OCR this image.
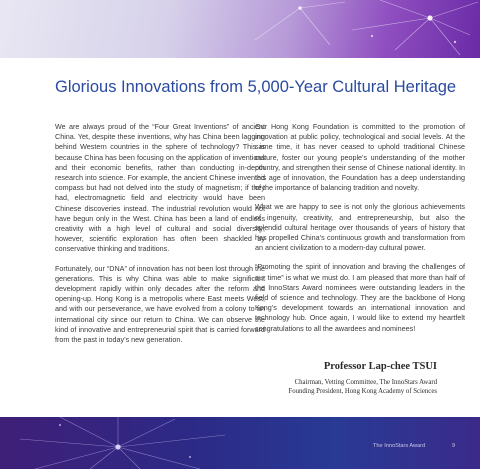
Glorious Innovations from 5,000-Year Cultural Heritage

We are always proud of the “Four Great Inventions” of ancient China. Yet, despite these inventions, why has China been lagging behind Western countries in the sphere of technology? This is because China has been focusing on the application of inventions and their economic benefits, rather than conducting in-depth research into science. For example, the ancient Chinese invented compass but had not delved into the study of magnetism; if they had, electromagnetic field and electricity would have been Chinese discoveries instead. The industrial revolution would not have begun only in the West. China has been a land of endless creativity with a high level of cultural and social diversity; however, scientific exploration has often been shackled by conservative thinking and traditions.

Fortunately, our “DNA” of innovation has not been lost through the generations. This is why China was able to make significant development rapidly within only decades after the reform and opening-up. Hong Kong is a metropolis where East meets West, and with our perseverance, we have evolved from a colony to an international city since our return to China. We can observe the kind of innovative and entrepreneurial spirit that is carried forward from the past in today’s new generation.

Our Hong Kong Foundation is committed to the promotion of innovation at public policy, technological and social levels. At the same time, it has never ceased to uphold traditional Chinese culture, foster our young people’s understanding of the mother country, and strengthen their sense of Chinese national identity. In this age of innovation, the Foundation has a deep understanding of the importance of balancing tradition and novelty.

What we are happy to see is not only the glorious achievements of ingenuity, creativity, and entrepreneurship, but also the splendid cultural heritage over thousands of years of history that has propelled China’s continuous growth and transformation from an ancient civilization to a modern-day cultural power.

“Promoting the spirit of innovation and braving the challenges of our time” is what we must do. I am pleased that more than half of the InnoStars Award nominees were outstanding leaders in the field of science and technology. They are the backbone of Hong Kong’s development towards an international innovation and technology hub. Once again, I would like to extend my heartfelt congratulations to all the awardees and nominees!

Professor Lap-chee TSUI
Chairman, Vetting Committee, The InnoStars Award
Founding President, Hong Kong Academy of Sciences
The InnoStars Award	9
